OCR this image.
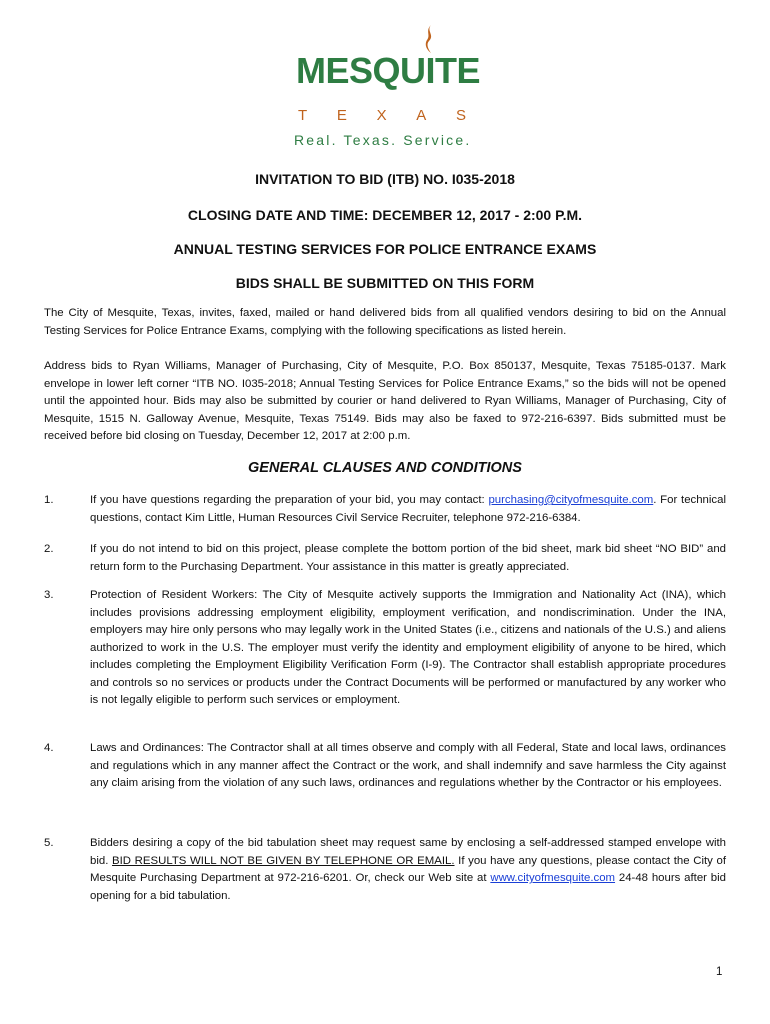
MESQUITE
T E X A S
Real. Texas. Service.
INVITATION TO BID (ITB) NO. I035-2018
CLOSING DATE AND TIME: DECEMBER 12, 2017 - 2:00 P.M.
ANNUAL TESTING SERVICES FOR POLICE ENTRANCE EXAMS
BIDS SHALL BE SUBMITTED ON THIS FORM

The City of Mesquite, Texas, invites, faxed, mailed or hand delivered bids from all qualified vendors desiring to bid on the Annual Testing Services for Police Entrance Exams, complying with the following specifications as listed herein.

Address bids to Ryan Williams, Manager of Purchasing, City of Mesquite, P.O. Box 850137, Mesquite, Texas 75185-0137. Mark envelope in lower left corner “ITB NO. I035-2018; Annual Testing Services for Police Entrance Exams,” so the bids will not be opened until the appointed hour. Bids may also be submitted by courier or hand delivered to Ryan Williams, Manager of Purchasing, City of Mesquite, 1515 N. Galloway Avenue, Mesquite, Texas 75149. Bids may also be faxed to 972-216-6397. Bids submitted must be received before bid closing on Tuesday, December 12, 2017 at 2:00 p.m.

GENERAL CLAUSES AND CONDITIONS
1.	If you have questions regarding the preparation of your bid, you may contact: purchasing@cityofmesquite.com. For technical questions, contact Kim Little, Human Resources Civil Service Recruiter, telephone 972-216-6384.
2.	If you do not intend to bid on this project, please complete the bottom portion of the bid sheet, mark bid sheet “NO BID” and return form to the Purchasing Department. Your assistance in this matter is greatly appreciated.
3.	Protection of Resident Workers: The City of Mesquite actively supports the Immigration and Nationality Act (INA), which includes provisions addressing employment eligibility, employment verification, and nondiscrimination. Under the INA, employers may hire only persons who may legally work in the United States (i.e., citizens and nationals of the U.S.) and aliens authorized to work in the U.S. The employer must verify the identity and employment eligibility of anyone to be hired, which includes completing the Employment Eligibility Verification Form (I-9). The Contractor shall establish appropriate procedures and controls so no services or products under the Contract Documents will be performed or manufactured by any worker who is not legally eligible to perform such services or employment.
4.	Laws and Ordinances: The Contractor shall at all times observe and comply with all Federal, State and local laws, ordinances and regulations which in any manner affect the Contract or the work, and shall indemnify and save harmless the City against any claim arising from the violation of any such laws, ordinances and regulations whether by the Contractor or his employees.
5.	Bidders desiring a copy of the bid tabulation sheet may request same by enclosing a self-addressed stamped envelope with bid. BID RESULTS WILL NOT BE GIVEN BY TELEPHONE OR EMAIL. If you have any questions, please contact the City of Mesquite Purchasing Department at 972-216-6201. Or, check our Web site at www.cityofmesquite.com 24-48 hours after bid opening for a bid tabulation.
1
